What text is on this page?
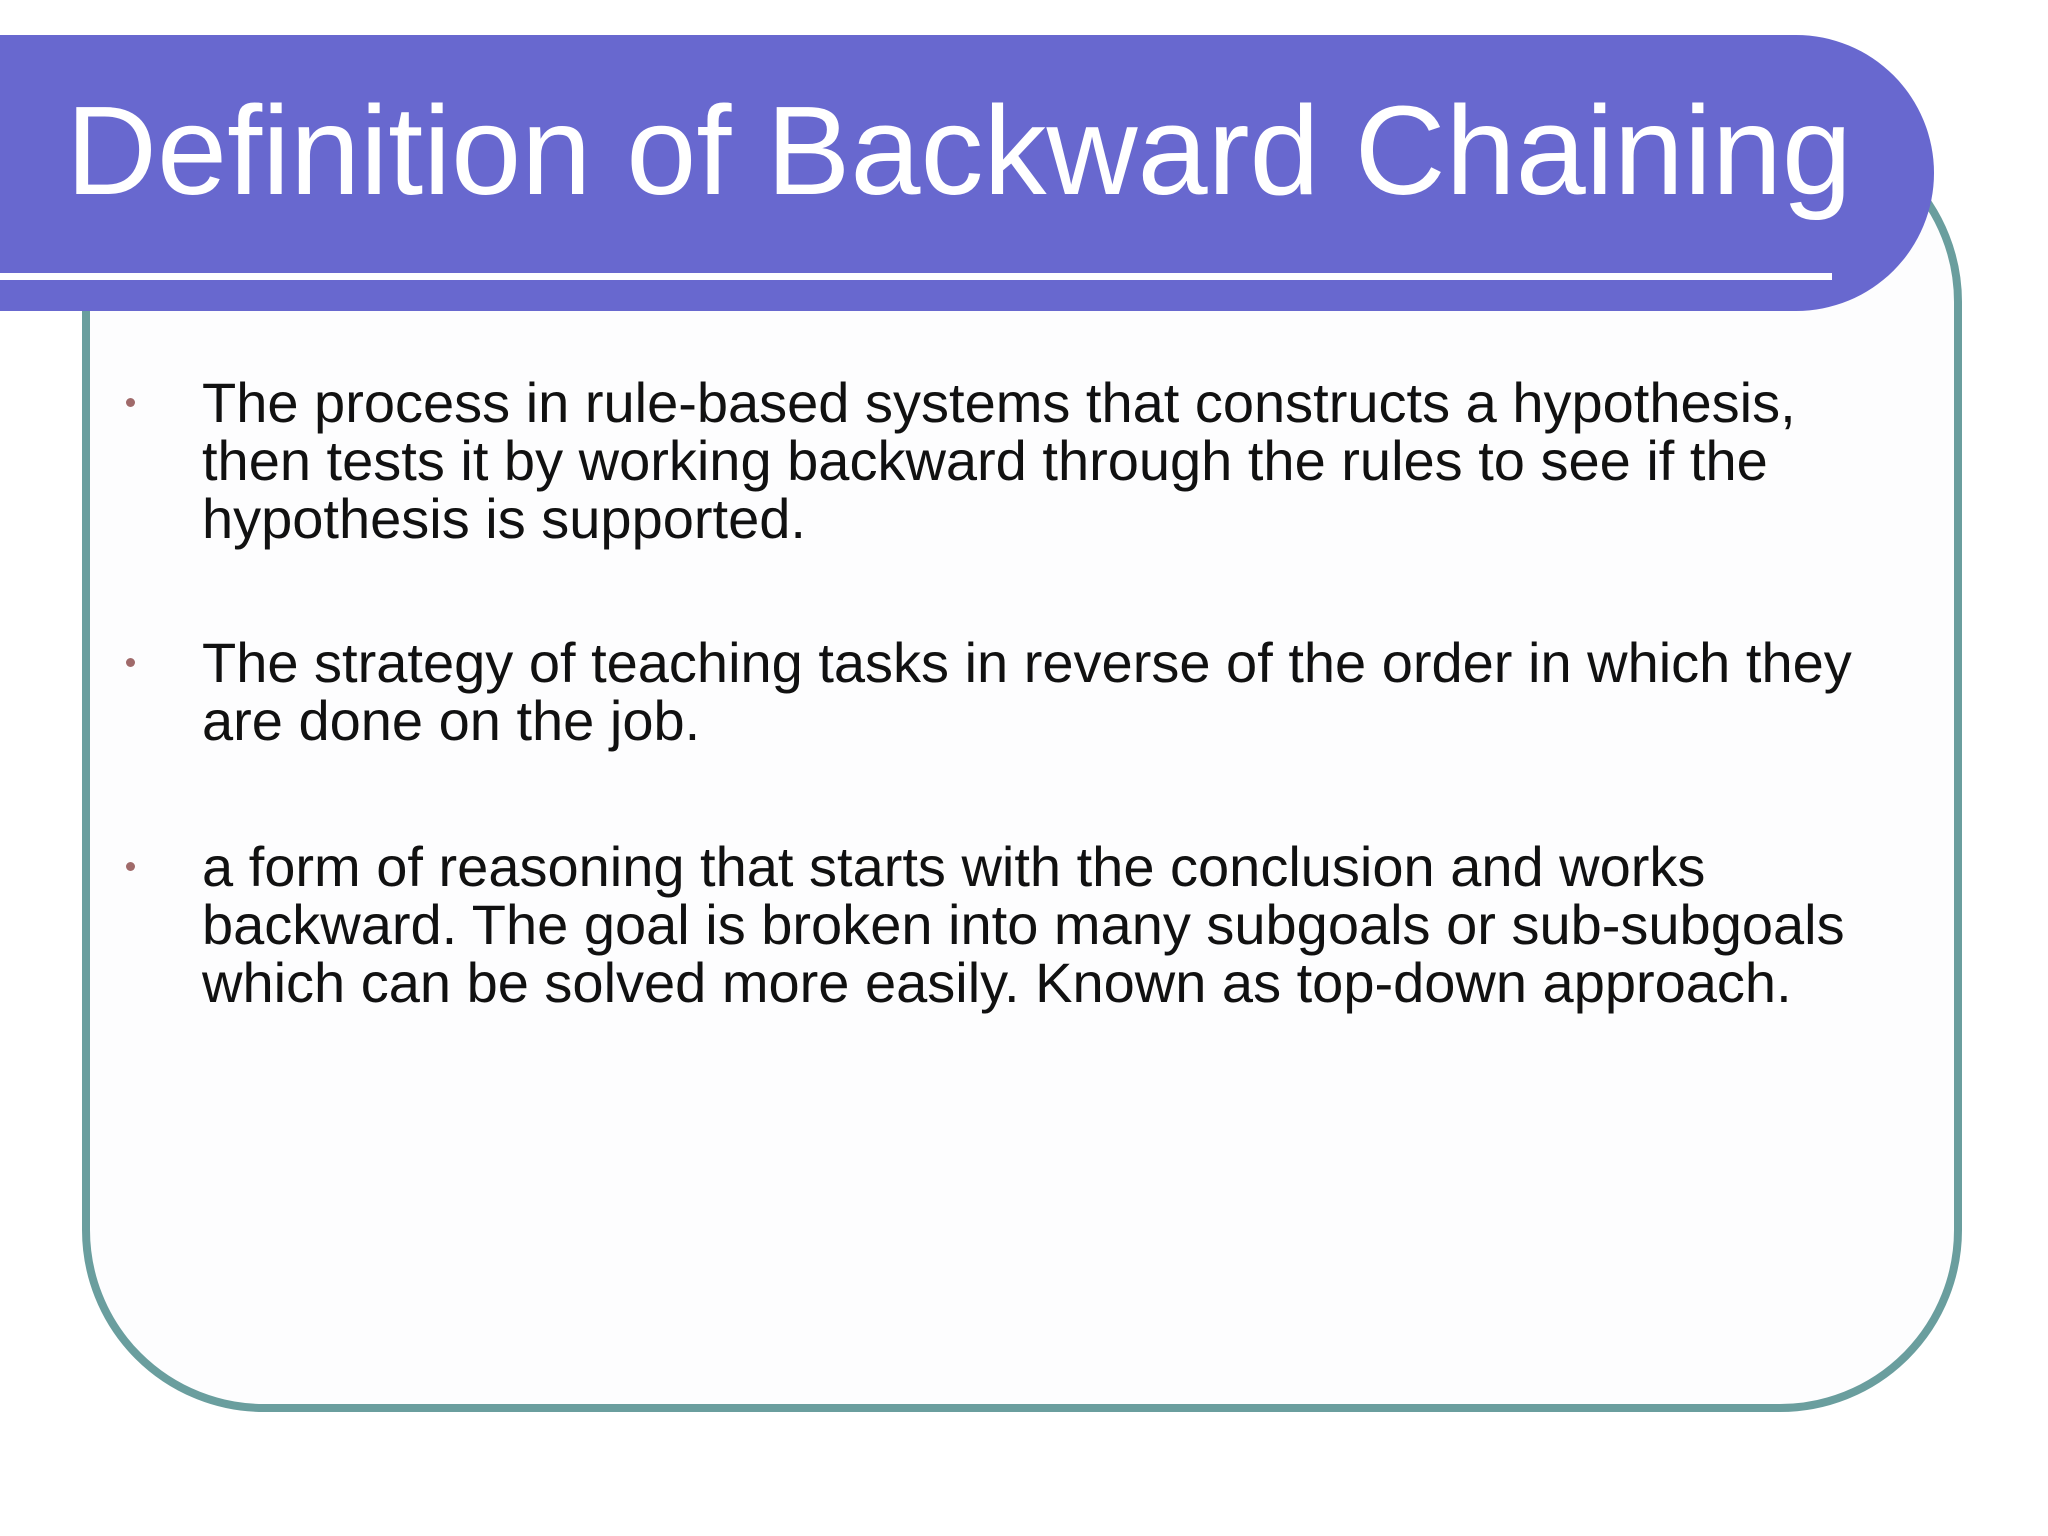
Definition of Backward Chaining
The process in rule-based systems that constructs a hypothesis, then tests it by working backward through the rules to see if the hypothesis is supported.
The strategy of teaching tasks in reverse of the order in which they are done on the job.
a form of reasoning that starts with the conclusion and works backward. The goal is broken into many subgoals or sub-subgoals which can be solved more easily. Known as top-down approach.
